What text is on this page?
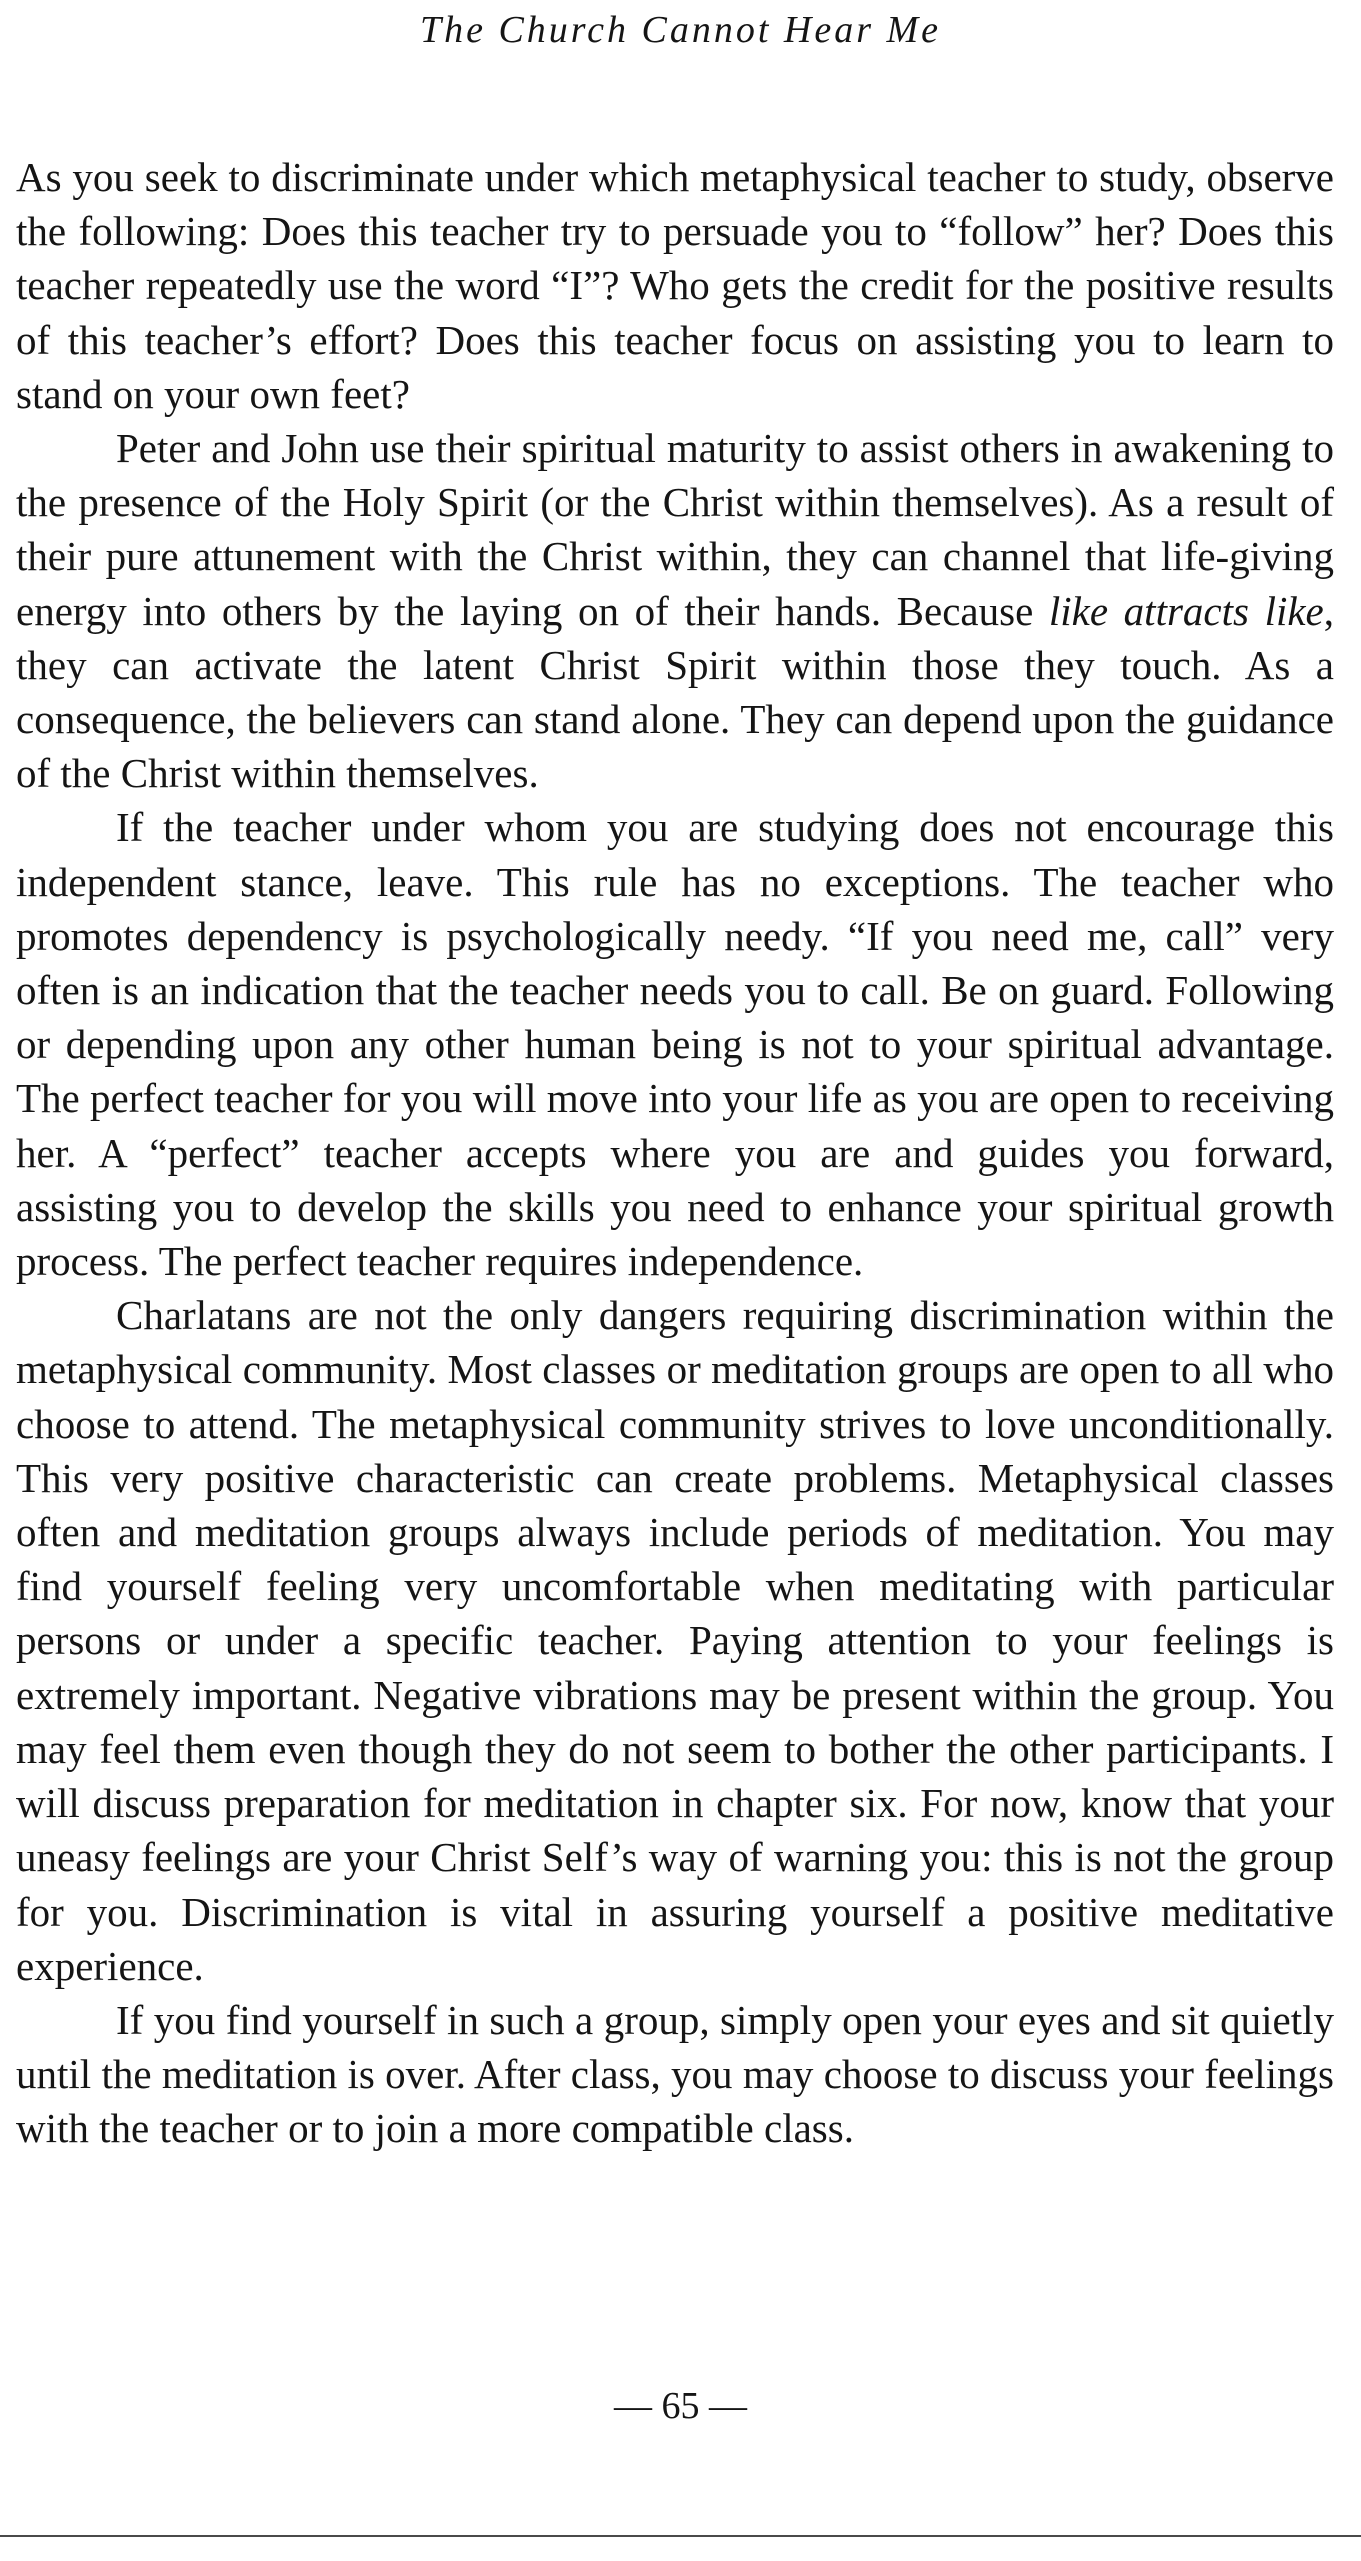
The Church Cannot Hear Me

As you seek to discriminate under which metaphysical teacher to study, observe the following: Does this teacher try to persuade you to “follow” her? Does this teacher repeatedly use the word “I”? Who gets the credit for the positive results of this teacher’s effort? Does this teacher focus on assisting you to learn to stand on your own feet?

Peter and John use their spiritual maturity to assist others in awakening to the presence of the Holy Spirit (or the Christ within themselves). As a result of their pure attunement with the Christ within, they can channel that life-giving energy into others by the laying on of their hands. Because like attracts like, they can activate the latent Christ Spirit within those they touch. As a consequence, the believers can stand alone. They can depend upon the guidance of the Christ within themselves.

If the teacher under whom you are studying does not encourage this independent stance, leave. This rule has no exceptions. The teacher who promotes dependency is psychologically needy. “If you need me, call” very often is an indication that the teacher needs you to call. Be on guard. Following or depending upon any other human being is not to your spiritual advantage. The perfect teacher for you will move into your life as you are open to receiving her. A “perfect” teacher accepts where you are and guides you forward, assisting you to develop the skills you need to enhance your spiritual growth process. The perfect teacher requires independence.

Charlatans are not the only dangers requiring discrimination within the metaphysical community. Most classes or meditation groups are open to all who choose to attend. The metaphysical community strives to love unconditionally. This very positive characteristic can create problems. Metaphysical classes often and meditation groups always include periods of meditation. You may find yourself feeling very uncomfortable when meditating with particular persons or under a specific teacher. Paying attention to your feelings is extremely important. Negative vibrations may be present within the group. You may feel them even though they do not seem to bother the other participants. I will discuss preparation for meditation in chapter six. For now, know that your uneasy feelings are your Christ Self’s way of warning you: this is not the group for you. Discrimination is vital in assuring yourself a positive meditative experience.

If you find yourself in such a group, simply open your eyes and sit quietly until the meditation is over. After class, you may choose to discuss your feelings with the teacher or to join a more compatible class.

— 65 —
